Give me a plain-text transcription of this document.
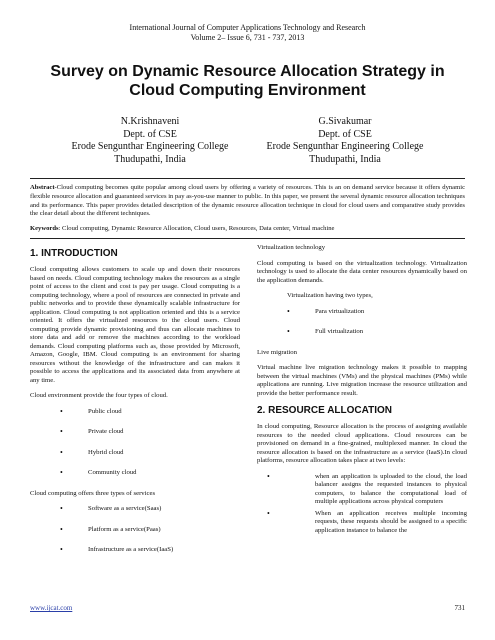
International Journal of Computer Applications Technology and Research
Volume 2– Issue 6, 731 - 737, 2013
Survey on Dynamic Resource Allocation Strategy in Cloud Computing Environment
N.Krishnaveni
Dept. of CSE
Erode Sengunthar Engineering College
Thudupathi, India
G.Sivakumar
Dept. of CSE
Erode Sengunthar Engineering College
Thudupathi, India
Abstract-Cloud computing becomes quite popular among cloud users by offering a variety of resources. This is an on demand service because it offers dynamic flexible resource allocation and guaranteed services in pay as-you-use manner to public. In this paper, we present the several dynamic resource allocation techniques and its performance. This paper provides detailed description of the dynamic resource allocation technique in cloud for cloud users and comparative study provides the clear detail about the different techniques.
Keywords: Cloud computing, Dynamic Resource Allocation, Cloud users, Resources, Data center, Virtual machine
1. INTRODUCTION

Cloud computing allows customers to scale up and down their resources based on needs. Cloud computing technology makes the resources as a single point of access to the client and cost is pay per usage. Cloud computing is a computing technology, where a pool of resources are connected in private and public networks and to provide these dynamically scalable infrastructure for application. Cloud computing is not application oriented and this is a service oriented. It offers the virtualized resources to the cloud users. Cloud computing provide dynamic provisioning and thus can allocate machines to store data and add or remove the machines according to the workload demands. Cloud computing platforms such as, those provided by Microsoft, Amazon, Google, IBM. Cloud computing is an environment for sharing resources without the knowledge of the infrastructure and can makes it possible to access the applications and its associated data from anywhere at any time.

Cloud environment provide the four types of cloud.

• Public cloud
• Private cloud
• Hybrid cloud
• Community cloud

Cloud computing offers three types of services

• Software as a service(Saas)
• Platform as a service(Paas)
• Infrastructure as a service(IaaS)

Virtualization technology

Cloud computing is based on the virtualization technology. Virtualization technology is used to allocate the data center resources dynamically based on the application demands.

Virtualization having two types,

• Para virtualization
• Full virtualization

Live migration

Virtual machine live migration technology makes it possible to mapping between the virtual machines (VMs) and the physical machines (PMs) while applications are running. Live migration increase the resource utilization and provide the better performance result.

2. RESOURCE ALLOCATION

In cloud computing, Resource allocation is the process of assigning available resources to the needed cloud applications. Cloud resources can be provisioned on demand in a fine-grained, multiplexed manner. In cloud the resource allocation is based on the infrastructure as a service (IaaS).In cloud platforms, resource allocation takes place at two levels:

• when an application is uploaded to the cloud, the load balancer assigns the requested instances to physical computers, to balance the computational load of multiple applications across physical computers
• When an application receives multiple incoming requests, these requests should be assigned to a specific application instance to balance the
www.ijcat.com	731
